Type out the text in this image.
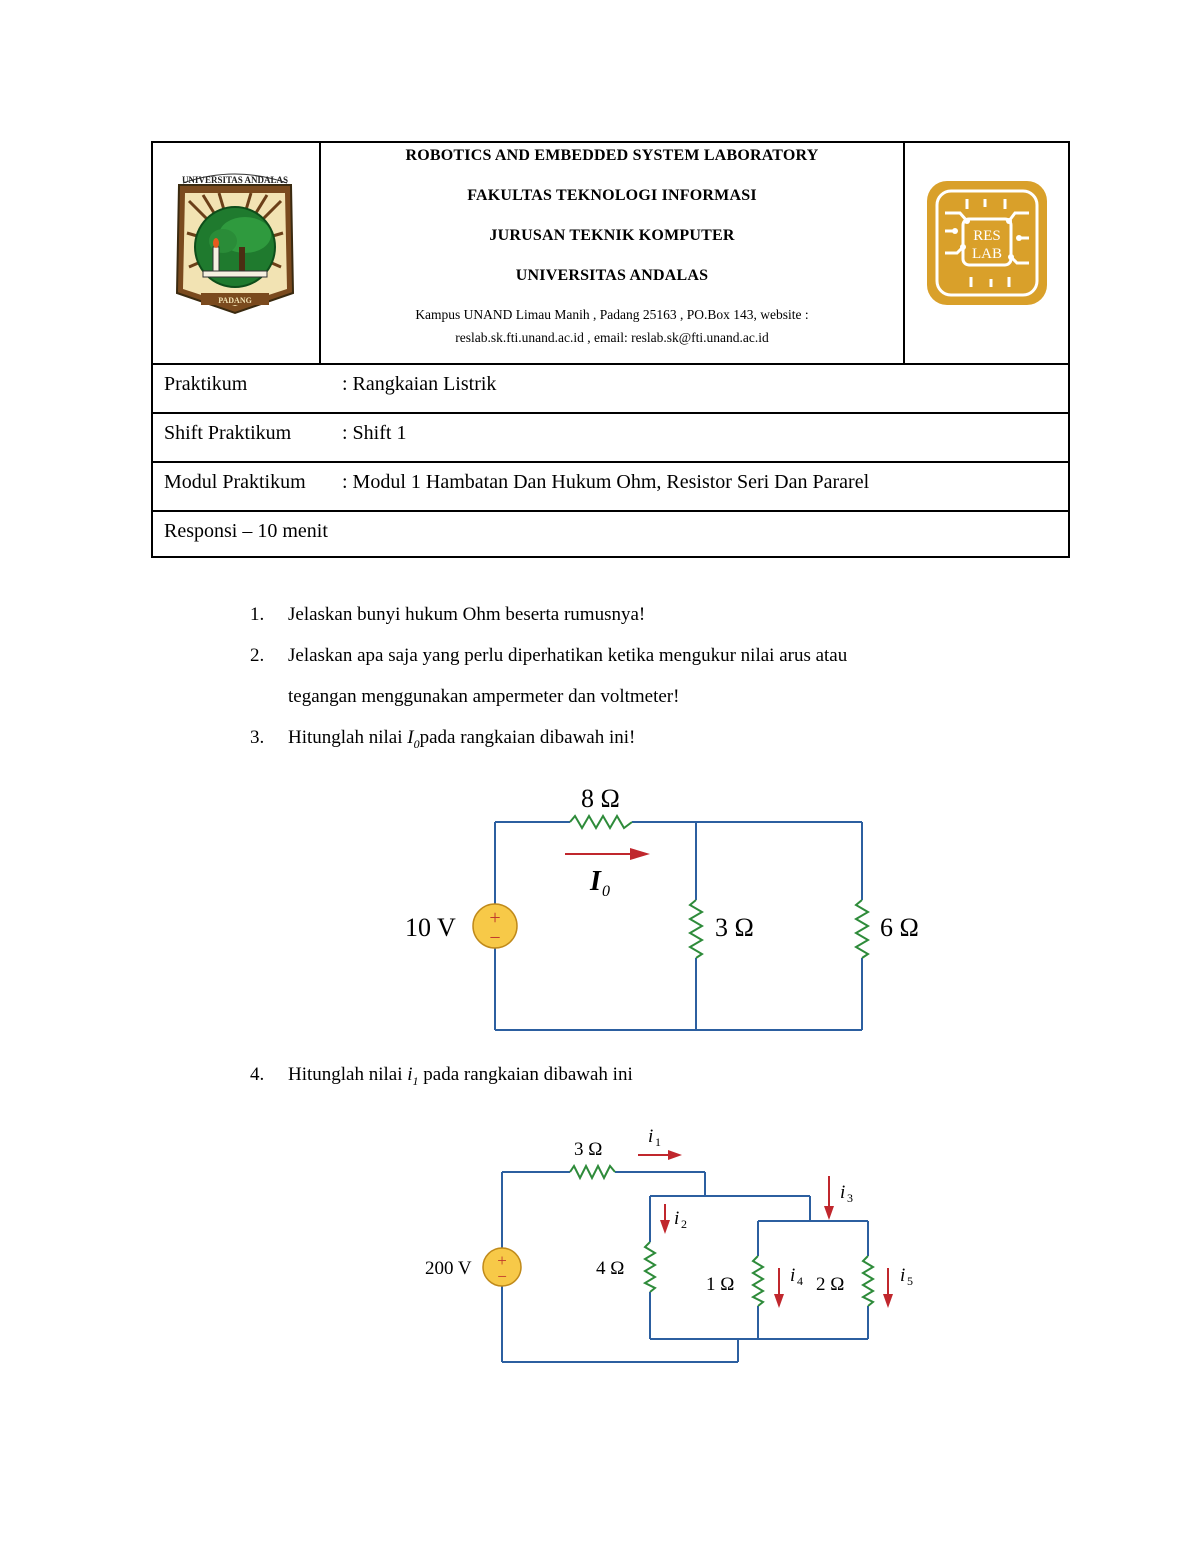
UNIVERSITAS ANDALAS
PADANG
ROBOTICS AND EMBEDDED SYSTEM LABORATORY
FAKULTAS TEKNOLOGI INFORMASI
JURUSAN TEKNIK KOMPUTER
UNIVERSITAS ANDALAS
Kampus UNAND Limau Manih , Padang 25163 , PO.Box 143, website :
reslab.sk.fti.unand.ac.id , email: reslab.sk@fti.unand.ac.id
RES
LAB
Praktikum	: Rangkaian Listrik
Shift Praktikum	: Shift 1
Modul Praktikum : Modul 1 Hambatan Dan Hukum Ohm, Resistor Seri Dan Pararel
Responsi – 10 menit
1. Jelaskan bunyi hukum Ohm beserta rumusnya!
2. Jelaskan apa saja yang perlu diperhatikan ketika mengukur nilai arus atau
tegangan menggunakan ampermeter dan voltmeter!
3. Hitunglah nilai $I_0pada$ rangkaian dibawah ini!
4. Hitunglah nilai $i_1$ pada rangkaian dibawah ini
+
−
8 Ω
I 0
10 V	3 Ω	6 Ω
+
−
3 Ω
i 1
i 2
i 3
i 4	i 5
200 V	4 Ω
1 Ω	2 Ω
